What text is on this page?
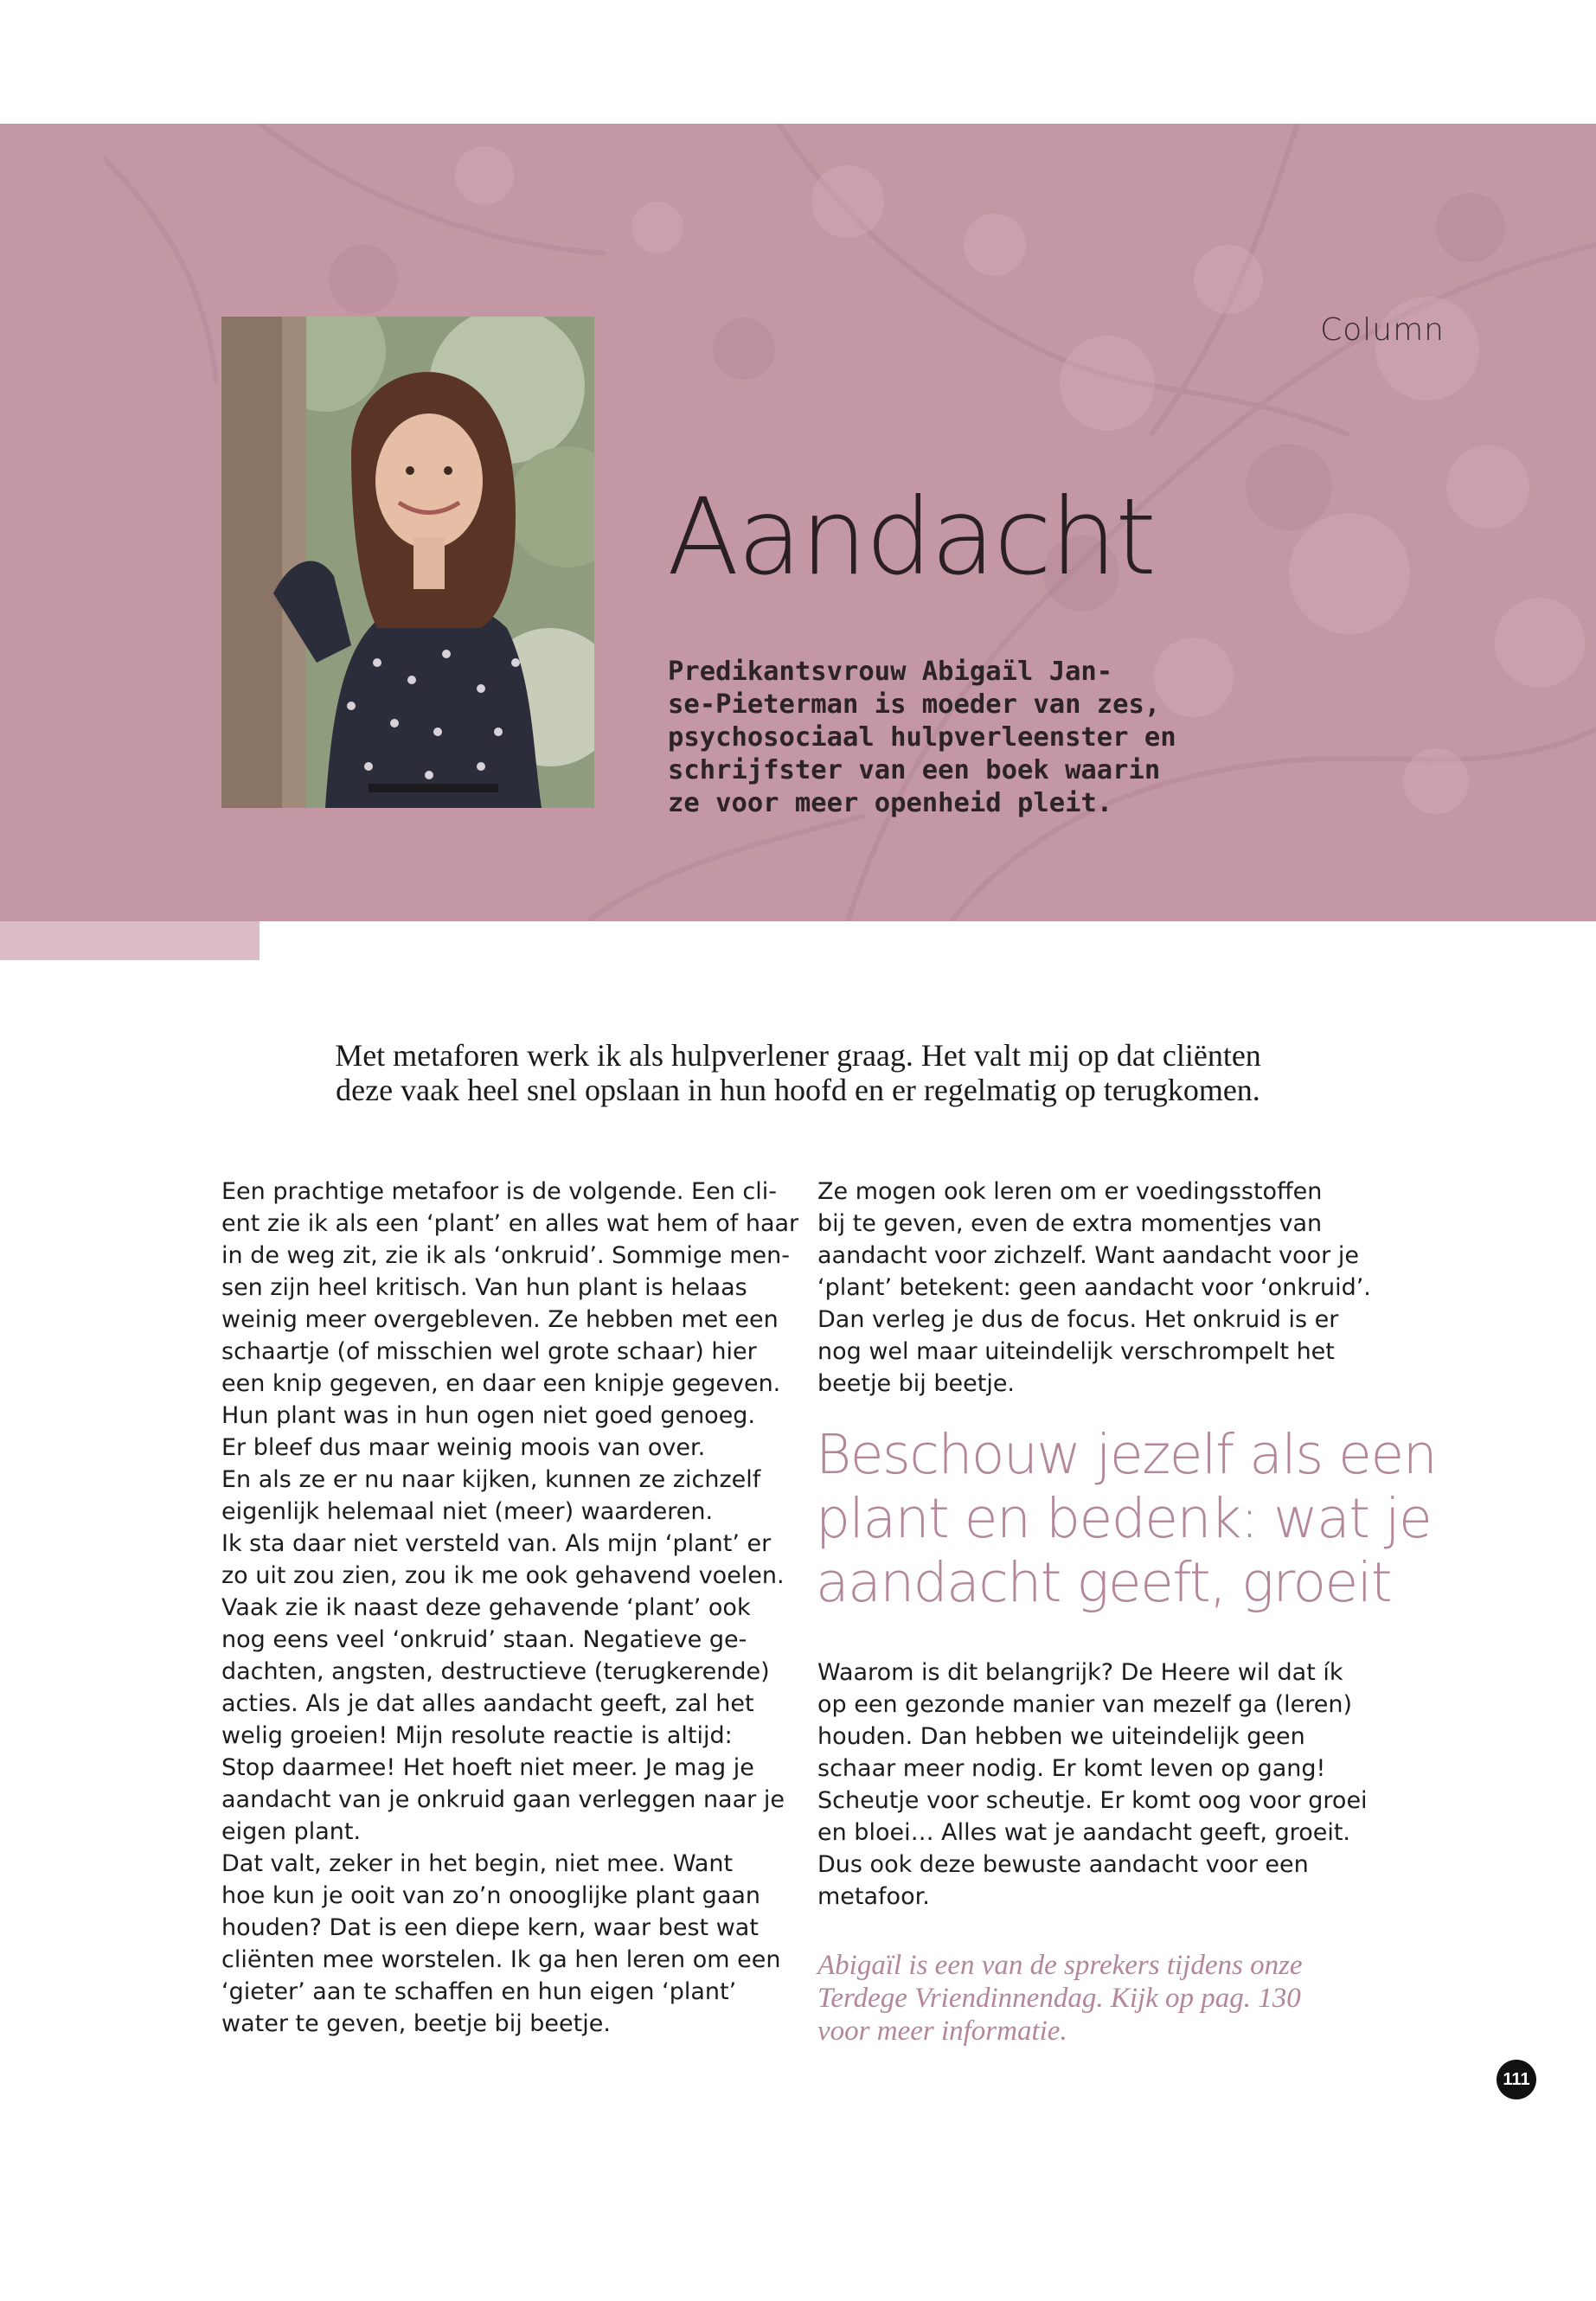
Column
Aandacht
Predikantsvrouw Abigaïl Jan-
se-Pieterman is moeder van zes,
psychosociaal hulpverleenster en
schrijfster van een boek waarin
ze voor meer openheid pleit.
Met metaforen werk ik als hulpverlener graag. Het valt mij op dat cliënten
deze vaak heel snel opslaan in hun hoofd en er regelmatig op terugkomen.
Een prachtige metafoor is de volgende. Een cli-
ent zie ik als een ‘plant’ en alles wat hem of haar
in de weg zit, zie ik als ‘onkruid’. Sommige men-
sen zijn heel kritisch. Van hun plant is helaas
weinig meer overgebleven. Ze hebben met een
schaartje (of misschien wel grote schaar) hier
een knip gegeven, en daar een knipje gegeven.
Hun plant was in hun ogen niet goed genoeg.
Er bleef dus maar weinig moois van over.
En als ze er nu naar kijken, kunnen ze zichzelf
eigenlijk helemaal niet (meer) waarderen.
Ik sta daar niet versteld van. Als mijn ‘plant’ er
zo uit zou zien, zou ik me ook gehavend voelen.
Vaak zie ik naast deze gehavende ‘plant’ ook
nog eens veel ‘onkruid’ staan. Negatieve ge-
dachten, angsten, destructieve (terugkerende)
acties. Als je dat alles aandacht geeft, zal het
welig groeien! Mijn resolute reactie is altijd:
Stop daarmee! Het hoeft niet meer. Je mag je
aandacht van je onkruid gaan verleggen naar je
eigen plant.
Dat valt, zeker in het begin, niet mee. Want
hoe kun je ooit van zo’n onooglijke plant gaan
houden? Dat is een diepe kern, waar best wat
cliënten mee worstelen. Ik ga hen leren om een
‘gieter’ aan te schaffen en hun eigen ‘plant’
water te geven, beetje bij beetje.
Ze mogen ook leren om er voedingsstoffen
bij te geven, even de extra momentjes van
aandacht voor zichzelf. Want aandacht voor je
‘plant’ betekent: geen aandacht voor ‘onkruid’.
Dan verleg je dus de focus. Het onkruid is er
nog wel maar uiteindelijk verschrompelt het
beetje bij beetje.
Beschouw jezelf als een
plant en bedenk: wat je
aandacht geeft, groeit
Waarom is dit belangrijk? De Heere wil dat ík
op een gezonde manier van mezelf ga (leren)
houden. Dan hebben we uiteindelijk geen
schaar meer nodig. Er komt leven op gang!
Scheutje voor scheutje. Er komt oog voor groei
en bloei… Alles wat je aandacht geeft, groeit.
Dus ook deze bewuste aandacht voor een
metafoor.
Abigaïl is een van de sprekers tijdens onze
Terdege Vriendinnendag. Kijk op pag. 130
voor meer informatie.
111
